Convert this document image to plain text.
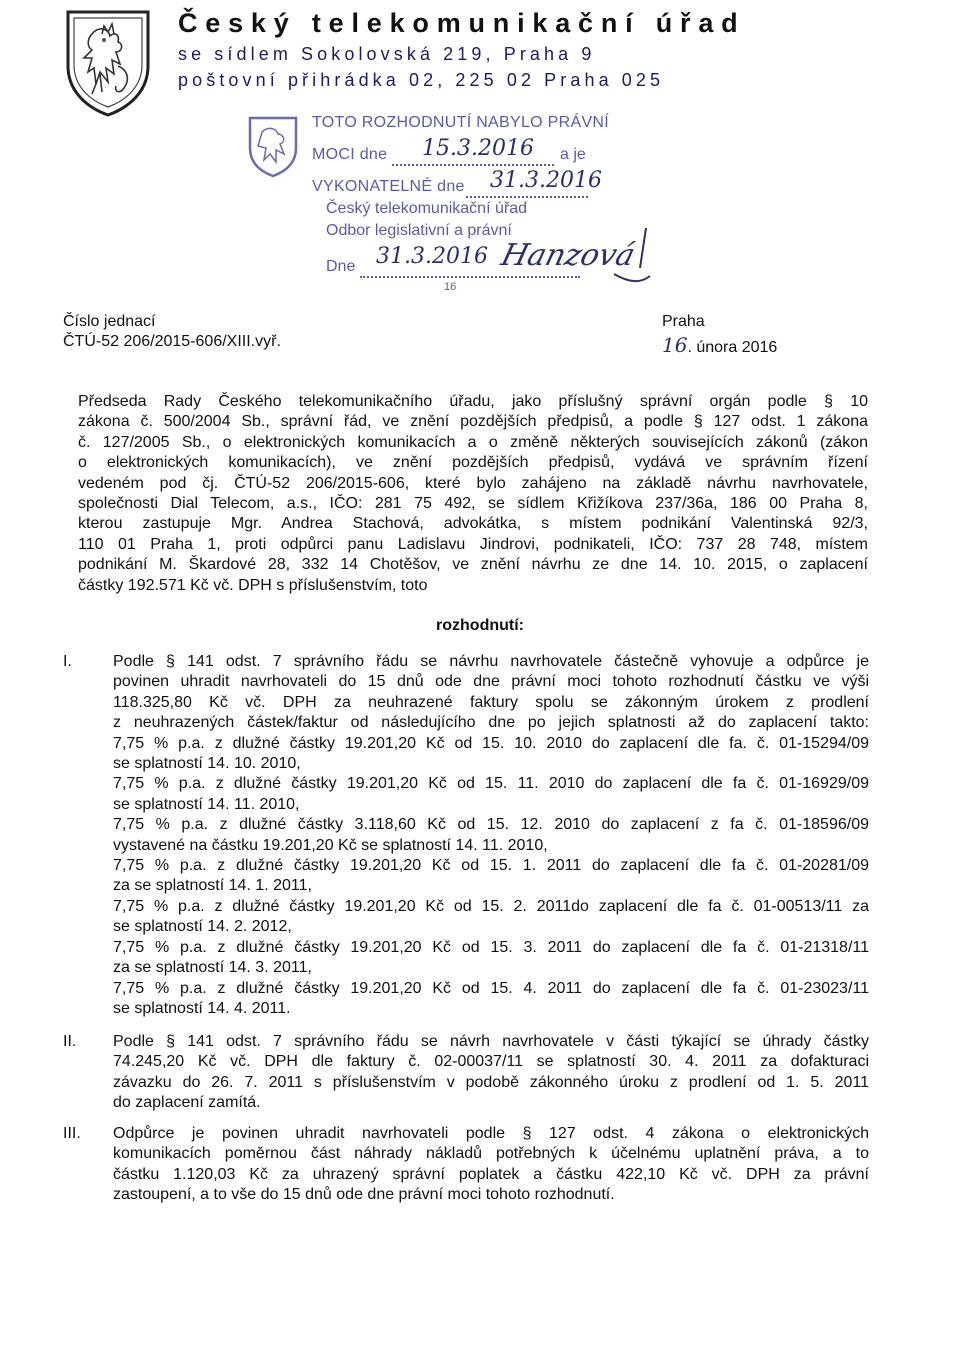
Český telekomunikační úřad
se sídlem Sokolovská 219, Praha 9
poštovní přihrádka 02, 225 02 Praha 025
TOTO ROZHODNUTÍ NABYLO PRÁVNÍ
MOCI dne 15.3.2016 a je
VYKONATELNÉ dne 31.3.2016
Český telekomunikační úřad
Odbor legislativní a právní
Dne 31.3.2016 Hanzová
16
Číslo jednací
ČTÚ-52 206/2015-606/XIII.vyř.
Praha
16. února 2016
Předseda Rady Českého telekomunikačního úřadu, jako příslušný správní orgán podle § 10
zákona č. 500/2004 Sb., správní řád, ve znění pozdějších předpisů, a podle § 127 odst. 1 zákona
č. 127/2005 Sb., o elektronických komunikacích a o změně některých souvisejících zákonů (zákon
o elektronických komunikacích), ve znění pozdějších předpisů, vydává ve správním řízení
vedeném pod čj. ČTÚ-52 206/2015-606, které bylo zahájeno na základě návrhu navrhovatele,
společnosti Dial Telecom, a.s., IČO: 281 75 492, se sídlem Křižíkova 237/36a, 186 00 Praha 8,
kterou zastupuje Mgr. Andrea Stachová, advokátka, s místem podnikání Valentinská 92/3,
110 01 Praha 1, proti odpůrci panu Ladislavu Jindrovi, podnikateli, IČO: 737 28 748, místem
podnikání M. Škardové 28, 332 14 Chotěšov, ve znění návrhu ze dne 14. 10. 2015, o zaplacení
částky 192.571 Kč vč. DPH s příslušenstvím, toto
rozhodnutí:
I.	Podle § 141 odst. 7 správního řádu se návrhu navrhovatele částečně vyhovuje a odpůrce je
povinen uhradit navrhovateli do 15 dnů ode dne právní moci tohoto rozhodnutí částku ve výši
118.325,80 Kč vč. DPH za neuhrazené faktury spolu se zákonným úrokem z prodlení
z neuhrazených částek/faktur od následujícího dne po jejich splatnosti až do zaplacení takto:
7,75 % p.a. z dlužné částky 19.201,20 Kč od 15. 10. 2010 do zaplacení dle fa. č. 01-15294/09
se splatností 14. 10. 2010,
7,75 % p.a. z dlužné částky 19.201,20 Kč od 15. 11. 2010 do zaplacení dle fa č. 01-16929/09
se splatností 14. 11. 2010,
7,75 % p.a. z dlužné částky 3.118,60 Kč od 15. 12. 2010 do zaplacení z fa č. 01-18596/09
vystavené na částku 19.201,20 Kč se splatností 14. 11. 2010,
7,75 % p.a. z dlužné částky 19.201,20 Kč od 15. 1. 2011 do zaplacení dle fa č. 01-20281/09
za se splatností 14. 1. 2011,
7,75 % p.a. z dlužné částky 19.201,20 Kč od 15. 2. 2011do zaplacení dle fa č. 01-00513/11 za
se splatností 14. 2. 2012,
7,75 % p.a. z dlužné částky 19.201,20 Kč od 15. 3. 2011 do zaplacení dle fa č. 01-21318/11
za se splatností 14. 3. 2011,
7,75 % p.a. z dlužné částky 19.201,20 Kč od 15. 4. 2011 do zaplacení dle fa č. 01-23023/11
se splatností 14. 4. 2011.
II. Podle § 141 odst. 7 správního řádu se návrh navrhovatele v části týkající se úhrady částky
74.245,20 Kč vč. DPH dle faktury č. 02-00037/11 se splatností 30. 4. 2011 za dofakturaci
závazku do 26. 7. 2011 s příslušenstvím v podobě zákonného úroku z prodlení od 1. 5. 2011
do zaplacení zamítá.
III. Odpůrce je povinen uhradit navrhovateli podle § 127 odst. 4 zákona o elektronických
komunikacích poměrnou část náhrady nákladů potřebných k účelnému uplatnění práva, a to
částku 1.120,03 Kč za uhrazený správní poplatek a částku 422,10 Kč vč. DPH za právní
zastoupení, a to vše do 15 dnů ode dne právní moci tohoto rozhodnutí.
